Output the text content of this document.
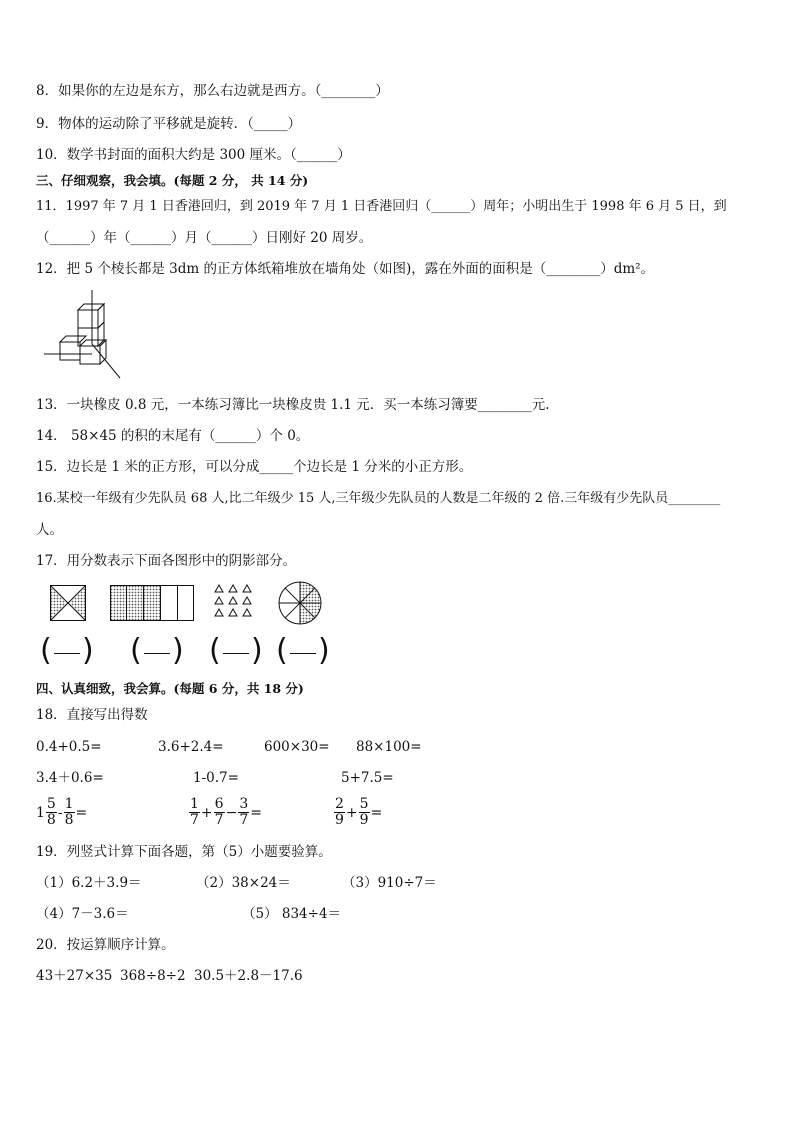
8．如果你的左边是东方，那么右边就是西方。（________）
9．物体的运动除了平移就是旋转．（_____）
10．数学书封面的面积大约是 300 厘米。（______）
三、仔细观察，我会填。(每题 2 分， 共 14 分)
11．1997 年 7 月 1 日香港回归，到 2019 年 7 月 1 日香港回归（______）周年；小明出生于 1998 年 6 月 5 日，到
（______）年（______）月（______）日刚好 20 周岁。
12．把 5 个棱长都是 3dm 的正方体纸箱堆放在墙角处（如图)，露在外面的面积是（________）dm²。
13．一块橡皮 0.8 元，一本练习簿比一块橡皮贵 1.1 元．买一本练习簿要________元.
14． 58×45 的积的末尾有（______）个 0。
15．边长是 1 米的正方形，可以分成_____个边长是 1 分米的小正方形。
16.某校一年级有少先队员 68 人,比二年级少 15 人,三年级少先队员的人数是二年级的 2 倍.三年级有少先队员________
人。
17．用分数表示下面各图形中的阴影部分。
( ) ( ) ( ) ( )
四、认真细致，我会算。(每题 6 分，共 18 分)
18．直接写出得数
0.4+0.5=	3.6+2.4=	600×30= 88×100=
3.4＋0.6=	1-0.7=	5+7.5=
$1 \frac{5}{8} - \frac{1}{8}$ =	$\frac{1}{7} + \frac{6}{7} - \frac{3}{7}$ =	$\frac{2}{9} + \frac{5}{9}$ =
19．列竖式计算下面各题，第（5）小题要验算。
（1）6.2＋3.9＝	（2）38×24＝	（3）910÷7＝
（4）7－3.6＝	（5） 834÷4＝
20．按运算顺序计算。
43＋27×35 368÷8÷2 30.5＋2.8－17.6
